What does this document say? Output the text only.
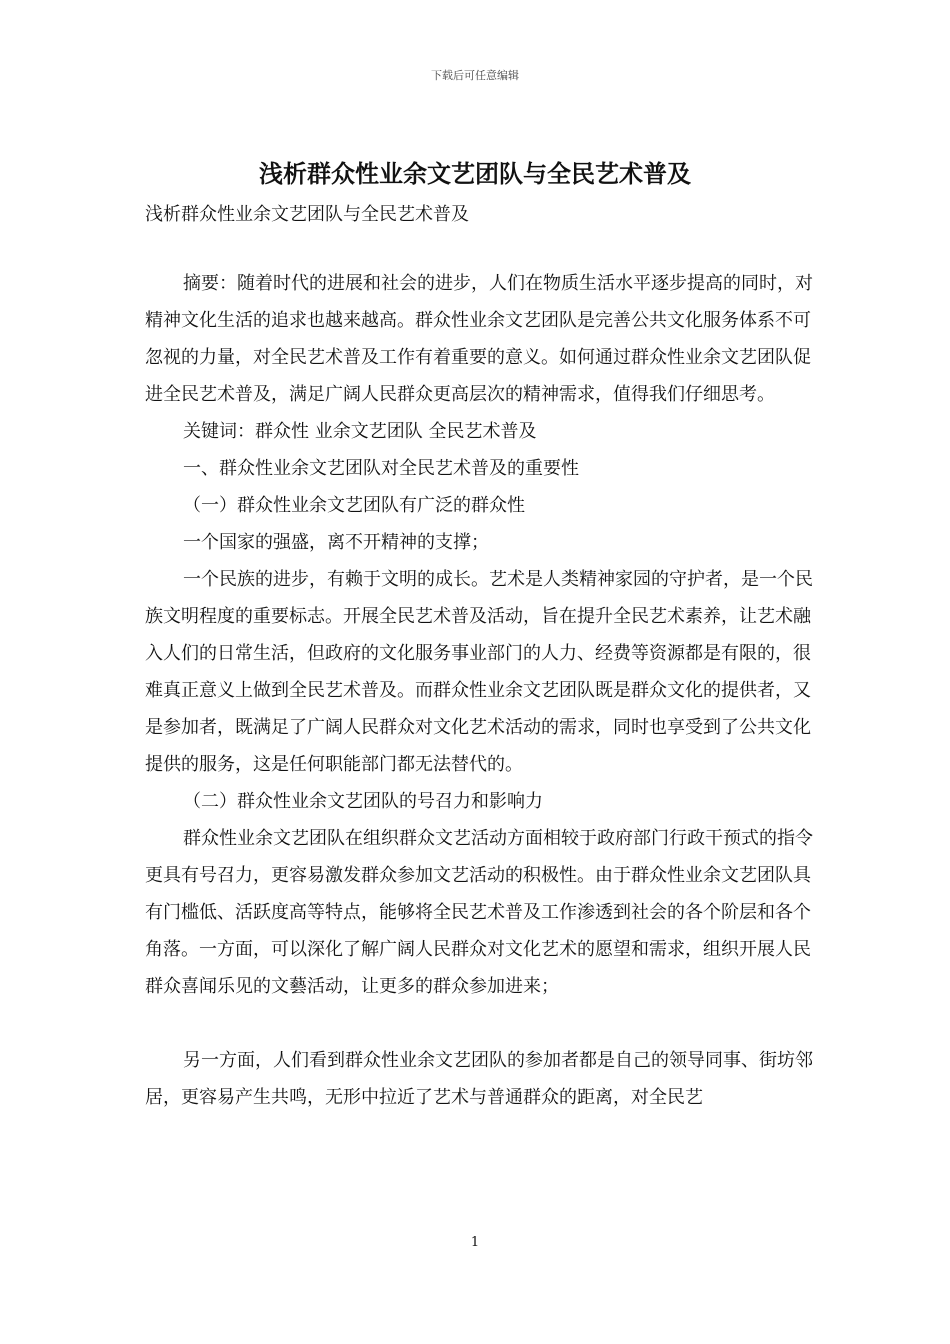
下载后可任意编辑
浅析群众性业余文艺团队与全民艺术普及
浅析群众性业余文艺团队与全民艺术普及

摘要：随着时代的进展和社会的进步，人们在物质生活水平逐步提高的同时，对精神文化生活的追求也越来越高。群众性业余文艺团队是完善公共文化服务体系不可忽视的力量，对全民艺术普及工作有着重要的意义。如何通过群众性业余文艺团队促进全民艺术普及，满足广阔人民群众更高层次的精神需求，值得我们仔细思考。

关键词：群众性 业余文艺团队 全民艺术普及

一、群众性业余文艺团队对全民艺术普及的重要性

（一）群众性业余文艺团队有广泛的群众性

一个国家的强盛，离不开精神的支撑；

一个民族的进步，有赖于文明的成长。艺术是人类精神家园的守护者，是一个民族文明程度的重要标志。开展全民艺术普及活动，旨在提升全民艺术素养，让艺术融入人们的日常生活，但政府的文化服务事业部门的人力、经费等资源都是有限的，很难真正意义上做到全民艺术普及。而群众性业余文艺团队既是群众文化的提供者，又是参加者，既满足了广阔人民群众对文化艺术活动的需求，同时也享受到了公共文化提供的服务，这是任何职能部门都无法替代的。

（二）群众性业余文艺团队的号召力和影响力

群众性业余文艺团队在组织群众文艺活动方面相较于政府部门行政干预式的指令更具有号召力，更容易激发群众参加文艺活动的积极性。由于群众性业余文艺团队具有门槛低、活跃度高等特点，能够将全民艺术普及工作渗透到社会的各个阶层和各个角落。一方面，可以深化了解广阔人民群众对文化艺术的愿望和需求，组织开展人民群众喜闻乐见的文藝活动，让更多的群众参加进来；

另一方面，人们看到群众性业余文艺团队的参加者都是自己的领导同事、街坊邻居，更容易产生共鸣，无形中拉近了艺术与普通群众的距离，对全民艺

1
